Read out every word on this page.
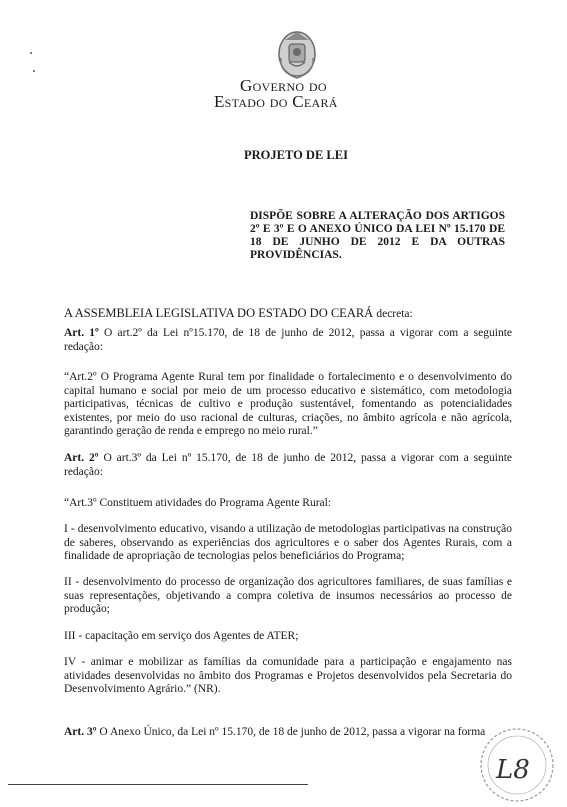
Governo do
Estado do Ceará
PROJETO DE LEI
DISPÕE SOBRE A ALTERAÇÃO DOS ARTIGOS 2º E 3º E O ANEXO ÚNICO DA LEI Nº 15.170 DE 18 DE JUNHO DE 2012 E DA OUTRAS PROVIDÊNCIAS.
A ASSEMBLEIA LEGISLATIVA DO ESTADO DO CEARÁ decreta:
Art. 1º O art.2º da Lei nº15.170, de 18 de junho de 2012, passa a vigorar com a seguinte redação:
“Art.2º O Programa Agente Rural tem por finalidade o fortalecimento e o desenvolvimento do capital humano e social por meio de um processo educativo e sistemático, com metodologia participativas, técnicas de cultivo e produção sustentável, fomentando as potencialidades existentes, por meio do uso racional de culturas, criações, no âmbito agrícola e não agrícola, garantindo geração de renda e emprego no meio rural.”
Art. 2º O art.3º da Lei nº 15.170, de 18 de junho de 2012, passa a vigorar com a seguinte redação:
“Art.3º Constituem atividades do Programa Agente Rural:
I - desenvolvimento educativo, visando a utilização de metodologias participativas na construção de saberes, observando as experiências dos agricultores e o saber dos Agentes Rurais, com a finalidade de apropriação de tecnologias pelos beneficiários do Programa;
II - desenvolvimento do processo de organização dos agricultores familiares, de suas famílias e suas representações, objetivando a compra coletiva de insumos necessários ao processo de produção;
III - capacitação em serviço dos Agentes de ATER;
IV - animar e mobilizar as famílias da comunidade para a participação e engajamento nas atividades desenvolvidas no âmbito dos Programas e Projetos desenvolvidos pela Secretaria do Desenvolvimento Agrário.” (NR).
Art. 3º O Anexo Único, da Lei nº 15.170, de 18 de junho de 2012, passa a vigorar na forma
L8
